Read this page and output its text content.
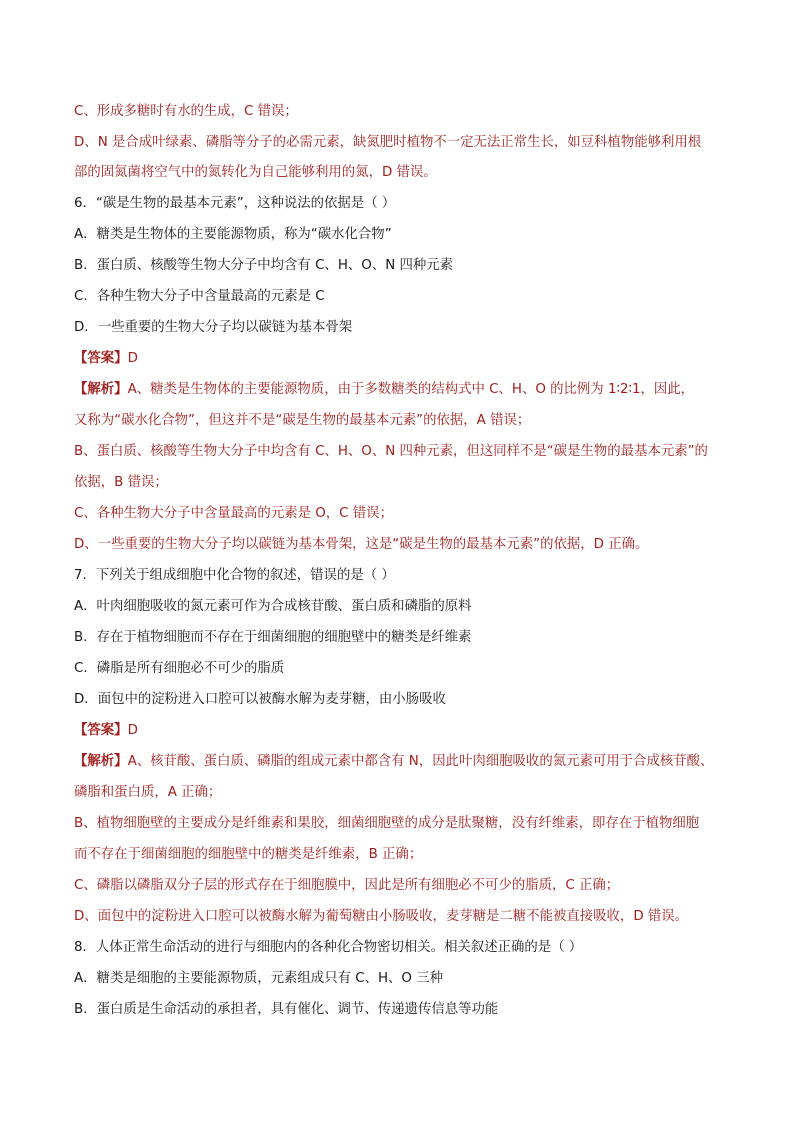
C、形成多糖时有水的生成，C 错误；
D、N 是合成叶绿素、磷脂等分子的必需元素，缺氮肥时植物不一定无法正常生长，如豆科植物能够利用根
部的固氮菌将空气中的氮转化为自己能够利用的氮，D 错误。
6．“碳是生物的最基本元素”，这种说法的依据是（ ）
A．糖类是生物体的主要能源物质，称为“碳水化合物”
B．蛋白质、核酸等生物大分子中均含有 C、H、O、N 四种元素
C．各种生物大分子中含量最高的元素是 C
D．一些重要的生物大分子均以碳链为基本骨架
【答案】D
【解析】A、糖类是生物体的主要能源物质，由于多数糖类的结构式中 C、H、O 的比例为 1∶2∶1，因此，
又称为“碳水化合物”，但这并不是“碳是生物的最基本元素”的依据，A 错误；
B、蛋白质、核酸等生物大分子中均含有 C、H、O、N 四种元素，但这同样不是“碳是生物的最基本元素”的
依据，B 错误；
C、各种生物大分子中含量最高的元素是 O，C 错误；
D、一些重要的生物大分子均以碳链为基本骨架，这是“碳是生物的最基本元素”的依据，D 正确。
7．下列关于组成细胞中化合物的叙述，错误的是（ ）
A．叶肉细胞吸收的氮元素可作为合成核苷酸、蛋白质和磷脂的原料
B．存在于植物细胞而不存在于细菌细胞的细胞壁中的糖类是纤维素
C．磷脂是所有细胞必不可少的脂质
D．面包中的淀粉进入口腔可以被酶水解为麦芽糖，由小肠吸收
【答案】D
【解析】A、核苷酸、蛋白质、磷脂的组成元素中都含有 N，因此叶肉细胞吸收的氮元素可用于合成核苷酸、
磷脂和蛋白质，A 正确；
B、植物细胞壁的主要成分是纤维素和果胶，细菌细胞壁的成分是肽聚糖，没有纤维素，即存在于植物细胞
而不存在于细菌细胞的细胞壁中的糖类是纤维素，B 正确；
C、磷脂以磷脂双分子层的形式存在于细胞膜中，因此是所有细胞必不可少的脂质，C 正确；
D、面包中的淀粉进入口腔可以被酶水解为葡萄糖由小肠吸收，麦芽糖是二糖不能被直接吸收，D 错误。
8．人体正常生命活动的进行与细胞内的各种化合物密切相关。相关叙述正确的是（ ）
A．糖类是细胞的主要能源物质，元素组成只有 C、H、O 三种
B．蛋白质是生命活动的承担者，具有催化、调节、传递遗传信息等功能
